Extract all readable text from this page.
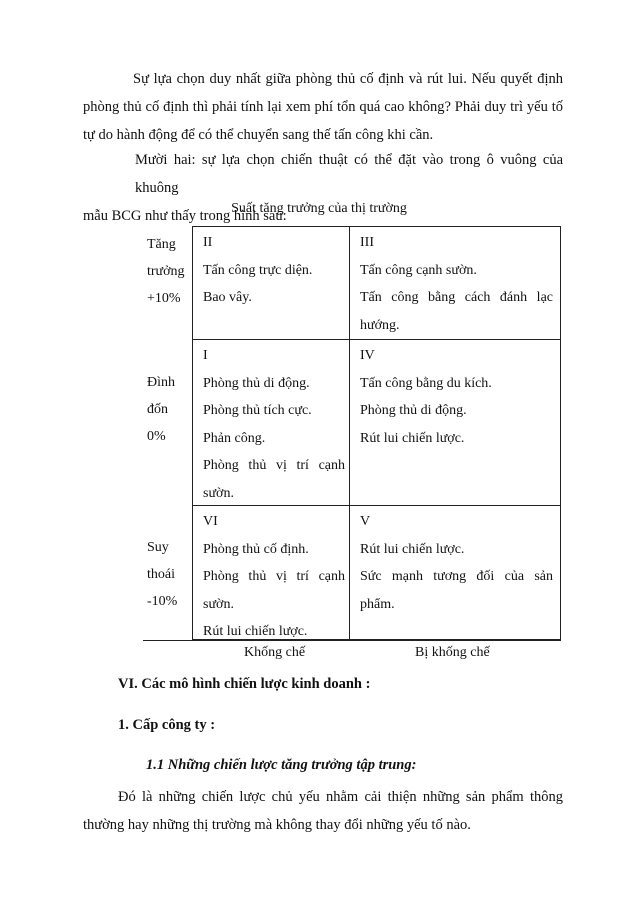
Sự lựa chọn duy nhất giữa phòng thủ cố định và rút lui. Nếu quyết định
phòng thủ cố định thì phải tính lại xem phí tổn quá cao không? Phải duy trì yếu tố
tự do hành động để có thể chuyển sang thế tấn công khi cần.

Mười hai: sự lựa chọn chiến thuật có thể đặt vào trong ô vuông của khuông
mẫu BCG như thấy trong hình sau:

Suất tăng trưởng của thị trường

Tăng
trưởng
+10%

Đình
đốn
0%

Suy
thoái
-10%

II
Tấn công trực diện.
Bao vây.

III
Tấn công cạnh sườn.
Tấn công bằng cách đánh lạc
hướng.

I
Phòng thủ di động.
Phòng thủ tích cực.
Phản công.
Phòng thủ vị trí cạnh
sườn.

IV
Tấn công bằng du kích.
Phòng thủ di động.
Rút lui chiến lược.

VI
Phòng thủ cố định.
Phòng thủ vị trí cạnh
sườn.
Rút lui chiến lược.

V
Rút lui chiến lược.
Sức mạnh tương đối của sản
phẩm.

Khống chế	Bị khống chế

VI. Các mô hình chiến lược kinh doanh :

1. Cấp công ty :

1.1 Những chiến lược tăng trưởng tập trung:

Đó là những chiến lược chủ yếu nhằm cải thiện những sản phẩm thông
thường hay những thị trường mà không thay đổi những yếu tố nào.
